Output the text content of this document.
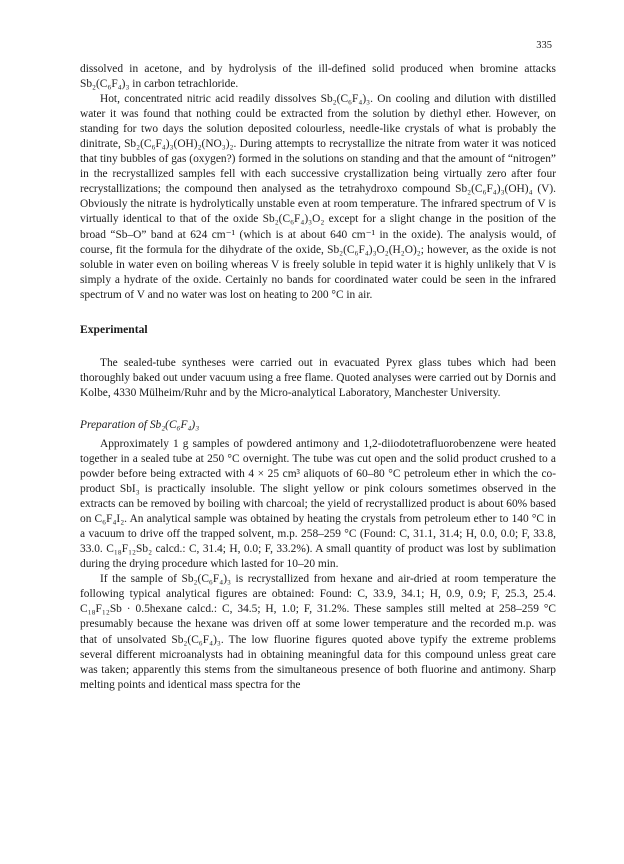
335

dissolved in acetone, and by hydrolysis of the ill-defined solid produced when bromine attacks Sb₂(C₆F₄)₃ in carbon tetrachloride.

Hot, concentrated nitric acid readily dissolves Sb₂(C₆F₄)₃. On cooling and dilution with distilled water it was found that nothing could be extracted from the solution by diethyl ether. However, on standing for two days the solution deposited colourless, needle-like crystals of what is probably the dinitrate, Sb₂(C₆F₄)₃(OH)₂(NO₃)₂. During attempts to recrystallize the nitrate from water it was noticed that tiny bubbles of gas (oxygen?) formed in the solutions on standing and that the amount of “nitrogen” in the recrystallized samples fell with each successive crystallization being virtually zero after four recrystallizations; the compound then analysed as the tetrahydroxo compound Sb₂(C₆F₄)₃(OH)₄ (V). Obviously the nitrate is hydrolytically unstable even at room temperature. The infrared spectrum of V is virtually identical to that of the oxide Sb₂(C₆F₄)₃O₂ except for a slight change in the position of the broad “Sb–O” band at 624 cm⁻¹ (which is at about 640 cm⁻¹ in the oxide). The analysis would, of course, fit the formula for the dihydrate of the oxide, Sb₂(C₆F₄)₃O₂(H₂O)₂; however, as the oxide is not soluble in water even on boiling whereas V is freely soluble in tepid water it is highly unlikely that V is simply a hydrate of the oxide. Certainly no bands for coordinated water could be seen in the infrared spectrum of V and no water was lost on heating to 200 °C in air.

Experimental

The sealed-tube syntheses were carried out in evacuated Pyrex glass tubes which had been thoroughly baked out under vacuum using a free flame. Quoted analyses were carried out by Dornis and Kolbe, 4330 Mülheim/Ruhr and by the Micro-analytical Laboratory, Manchester University.

Preparation of Sb₂(C₆F₄)₃

Approximately 1 g samples of powdered antimony and 1,2-diiodotetrafluorobenzene were heated together in a sealed tube at 250 °C overnight. The tube was cut open and the solid product crushed to a powder before being extracted with 4 × 25 cm³ aliquots of 60–80 °C petroleum ether in which the co-product SbI₃ is practically insoluble. The slight yellow or pink colours sometimes observed in the extracts can be removed by boiling with charcoal; the yield of recrystallized product is about 60% based on C₆F₄I₂. An analytical sample was obtained by heating the crystals from petroleum ether to 140 °C in a vacuum to drive off the trapped solvent, m.p. 258–259 °C (Found: C, 31.1, 31.4; H, 0.0, 0.0; F, 33.8, 33.0. C₁₈F₁₂Sb₂ calcd.: C, 31.4; H, 0.0; F, 33.2%). A small quantity of product was lost by sublimation during the drying procedure which lasted for 10–20 min.

If the sample of Sb₂(C₆F₄)₃ is recrystallized from hexane and air-dried at room temperature the following typical analytical figures are obtained: Found: C, 33.9, 34.1; H, 0.9, 0.9; F, 25.3, 25.4. C₁₈F₁₂Sb · 0.5hexane calcd.: C, 34.5; H, 1.0; F, 31.2%. These samples still melted at 258–259 °C presumably because the hexane was driven off at some lower temperature and the recorded m.p. was that of unsolvated Sb₂(C₆F₄)₃. The low fluorine figures quoted above typify the extreme problems several different microanalysts had in obtaining meaningful data for this compound unless great care was taken; apparently this stems from the simultaneous presence of both fluorine and antimony. Sharp melting points and identical mass spectra for the
